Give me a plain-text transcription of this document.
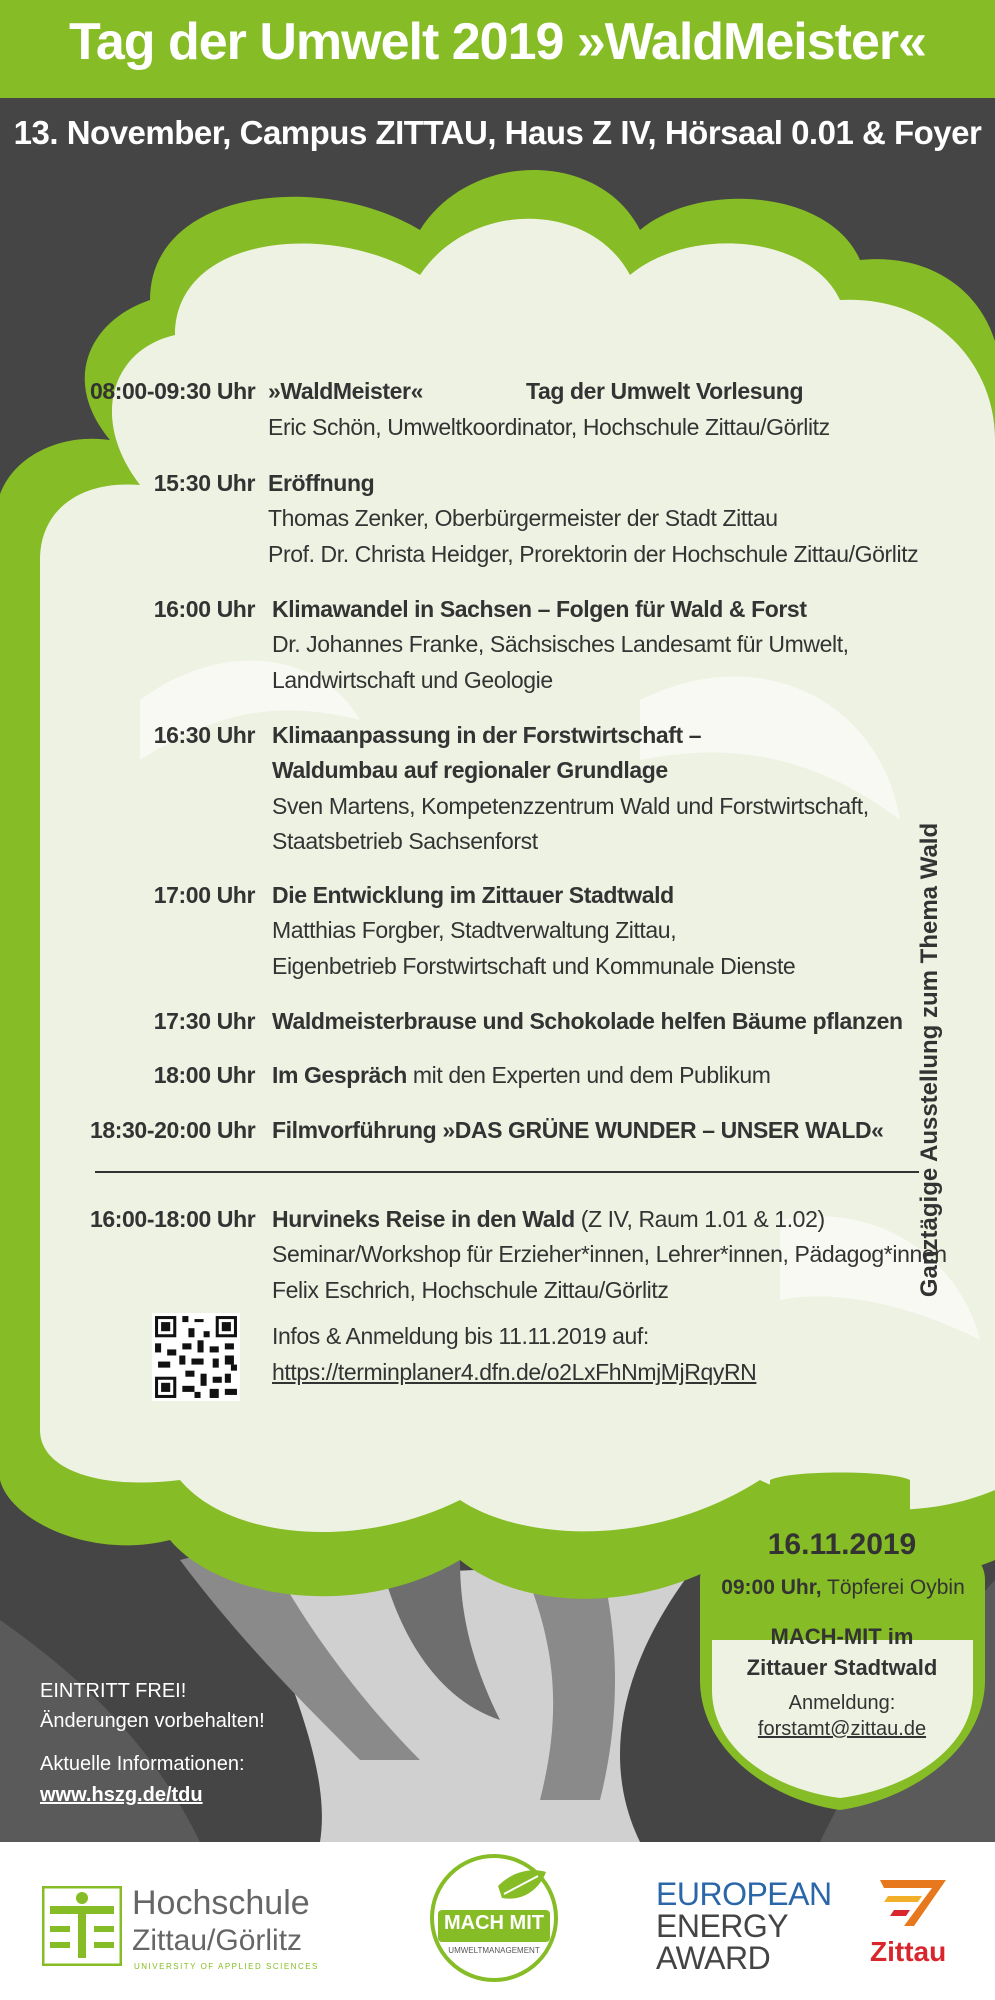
Tag der Umwelt 2019 »WaldMeister«
13. November, Campus ZITTAU, Haus Z IV, Hörsaal 0.01 & Foyer
08:00-09:30 Uhr »WaldMeister«	Tag der Umwelt Vorlesung
Eric Schön, Umweltkoordinator, Hochschule Zittau/Görlitz
15:30 Uhr Eröffnung
Thomas Zenker, Oberbürgermeister der Stadt Zittau
Prof. Dr. Christa Heidger, Prorektorin der Hochschule Zittau/Görlitz
16:00 Uhr Klimawandel in Sachsen – Folgen für Wald & Forst
Dr. Johannes Franke, Sächsisches Landesamt für Umwelt,
Landwirtschaft und Geologie
16:30 Uhr Klimaanpassung in der Forstwirtschaft –
Waldumbau auf regionaler Grundlage
Sven Martens, Kompetenzzentrum Wald und Forstwirtschaft,
Staatsbetrieb Sachsenforst
17:00 Uhr Die Entwicklung im Zittauer Stadtwald
Matthias Forgber, Stadtverwaltung Zittau,
Eigenbetrieb Forstwirtschaft und Kommunale Dienste
17:30 Uhr Waldmeisterbrause und Schokolade helfen Bäume pflanzen
18:00 Uhr Im Gespräch mit den Experten und dem Publikum
18:30-20:00 Uhr Filmvorführung »DAS GRÜNE WUNDER – UNSER WALD«
16:00-18:00 Uhr Hurvineks Reise in den Wald (Z IV, Raum 1.01 & 1.02)
Seminar/Workshop für Erzieher*innen, Lehrer*innen, Pädagog*innen
Felix Eschrich, Hochschule Zittau/Görlitz
Infos & Anmeldung bis 11.11.2019 auf:
https://terminplaner4.dfn.de/o2LxFhNmjMjRqyRN
Ganztägige Ausstellung zum Thema Wald
EINTRITT FREI!
Änderungen vorbehalten!
Aktuelle Informationen:
www.hszg.de/tdu
16.11.2019
09:00 Uhr, Töpferei Oybin
MACH-MIT im
Zittauer Stadtwald
Anmeldung:
forstamt@zittau.de
Hochschule
Zittau/Görlitz
UNIVERSITY OF APPLIED SCIENCES
MACH MIT
UMWELTMANAGEMENT
EUROPEAN
ENERGY
AWARD	Zittau
